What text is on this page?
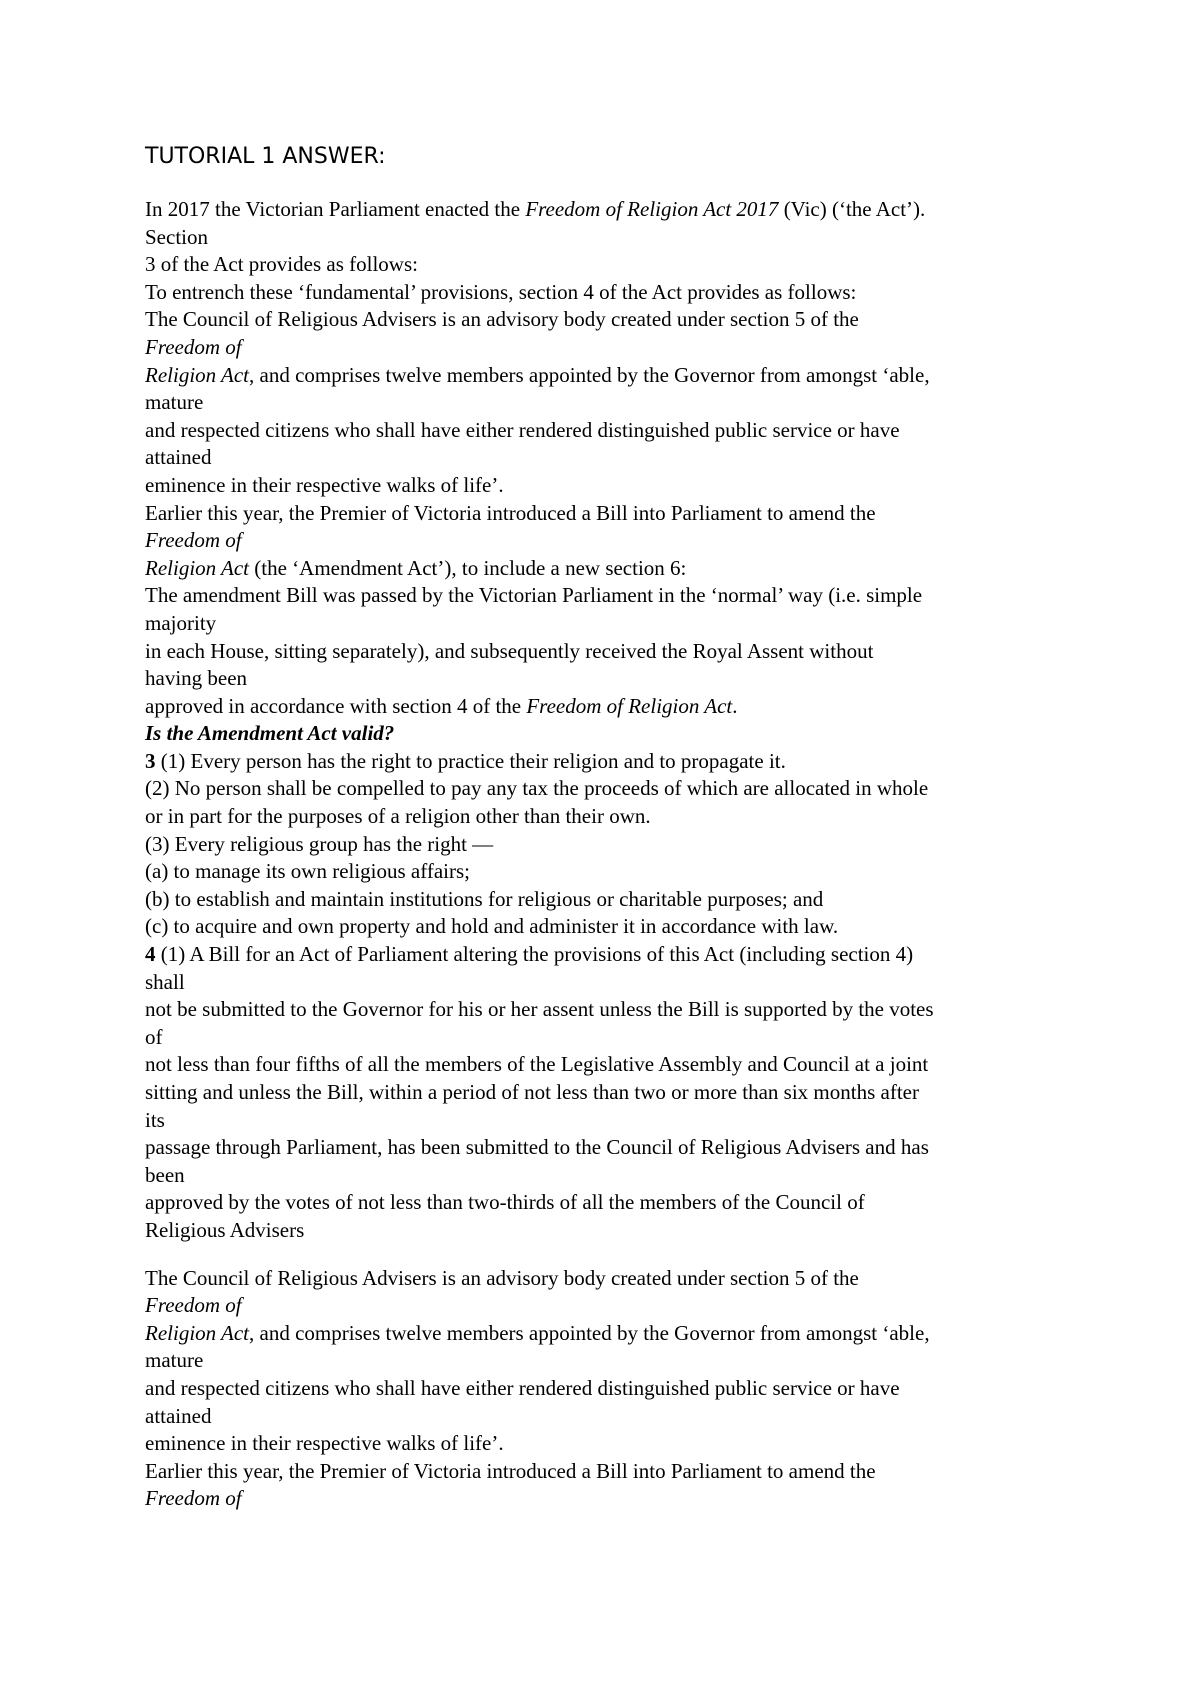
TUTORIAL 1 ANSWER:
In 2017 the Victorian Parliament enacted the Freedom of Religion Act 2017 (Vic) (‘the Act’).
Section
3 of the Act provides as follows:
To entrench these ‘fundamental’ provisions, section 4 of the Act provides as follows:
The Council of Religious Advisers is an advisory body created under section 5 of the
Freedom of
Religion Act, and comprises twelve members appointed by the Governor from amongst ‘able,
mature
and respected citizens who shall have either rendered distinguished public service or have
attained
eminence in their respective walks of life’.
Earlier this year, the Premier of Victoria introduced a Bill into Parliament to amend the
Freedom of
Religion Act (the ‘Amendment Act’), to include a new section 6:
The amendment Bill was passed by the Victorian Parliament in the ‘normal’ way (i.e. simple
majority
in each House, sitting separately), and subsequently received the Royal Assent without
having been
approved in accordance with section 4 of the Freedom of Religion Act.
Is the Amendment Act valid?
3 (1) Every person has the right to practice their religion and to propagate it.
(2) No person shall be compelled to pay any tax the proceeds of which are allocated in whole
or in part for the purposes of a religion other than their own.
(3) Every religious group has the right —
(a) to manage its own religious affairs;
(b) to establish and maintain institutions for religious or charitable purposes; and
(c) to acquire and own property and hold and administer it in accordance with law.
4 (1) A Bill for an Act of Parliament altering the provisions of this Act (including section 4)
shall
not be submitted to the Governor for his or her assent unless the Bill is supported by the votes
of
not less than four fifths of all the members of the Legislative Assembly and Council at a joint
sitting and unless the Bill, within a period of not less than two or more than six months after
its
passage through Parliament, has been submitted to the Council of Religious Advisers and has
been
approved by the votes of not less than two-thirds of all the members of the Council of
Religious Advisers
The Council of Religious Advisers is an advisory body created under section 5 of the
Freedom of
Religion Act, and comprises twelve members appointed by the Governor from amongst ‘able,
mature
and respected citizens who shall have either rendered distinguished public service or have
attained
eminence in their respective walks of life’.
Earlier this year, the Premier of Victoria introduced a Bill into Parliament to amend the
Freedom of
